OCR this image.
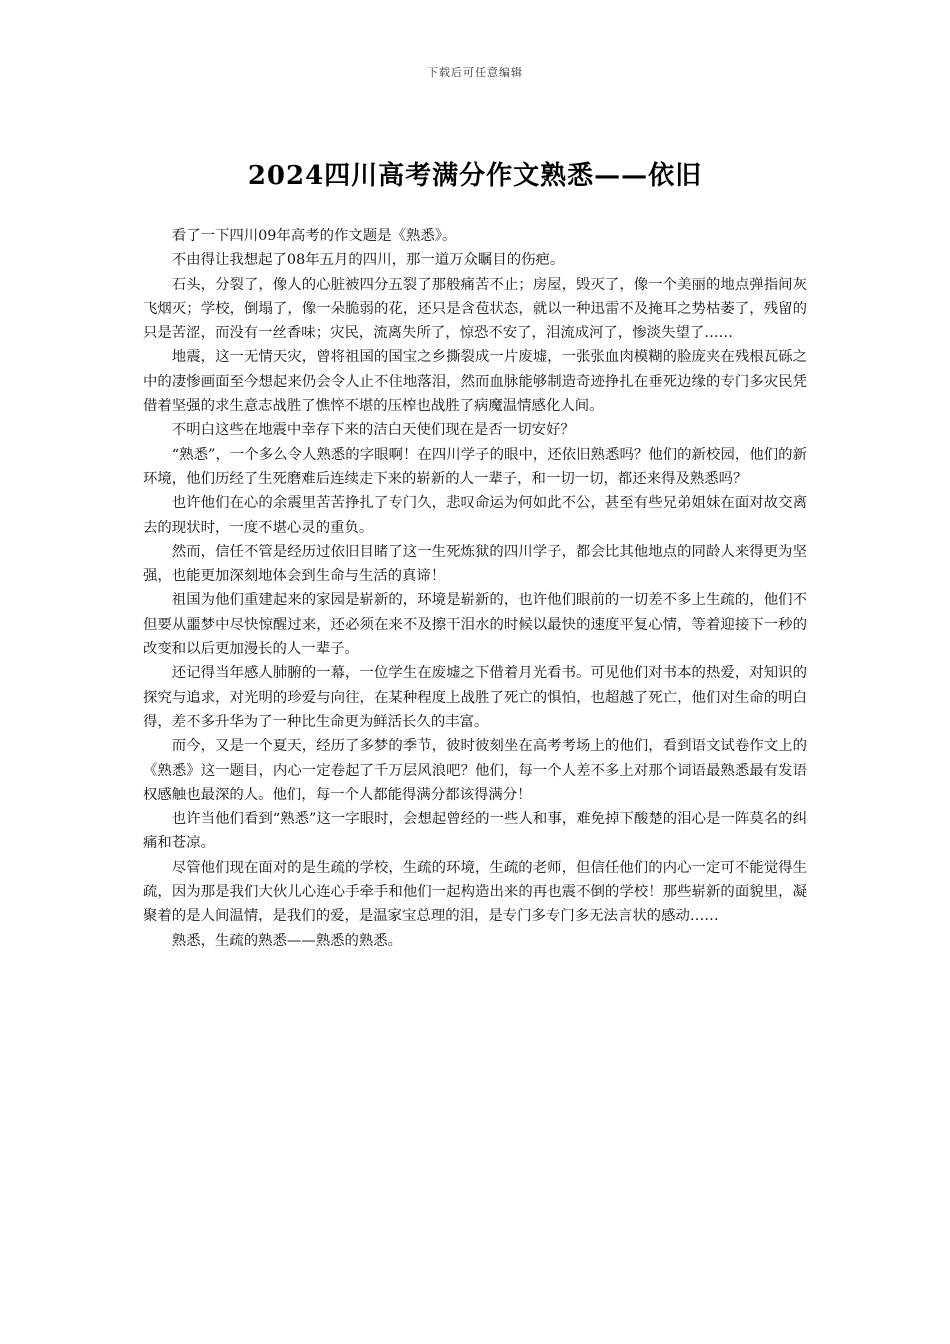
下载后可任意编辑
2024四川高考满分作文熟悉——依旧

看了一下四川09年高考的作文题是《熟悉》。

不由得让我想起了08年五月的四川，那一道万众瞩目的伤疤。

石头，分裂了，像人的心脏被四分五裂了那般痛苦不止；房屋，毁灭了，像一个美丽的地点弹指间灰飞烟灭；学校，倒塌了，像一朵脆弱的花，还只是含苞状态，就以一种迅雷不及掩耳之势枯萎了，残留的只是苦涩，而没有一丝香味；灾民，流离失所了，惊恐不安了，泪流成河了，惨淡失望了……

地震，这一无情天灾，曾将祖国的国宝之乡撕裂成一片废墟，一张张血肉模糊的脸庞夹在残根瓦砾之中的凄惨画面至今想起来仍会令人止不住地落泪，然而血脉能够制造奇迹挣扎在垂死边缘的专门多灾民凭借着坚强的求生意志战胜了憔悴不堪的压榨也战胜了病魔温情感化人间。

不明白这些在地震中幸存下来的洁白天使们现在是否一切安好？

“熟悉”，一个多么令人熟悉的字眼啊！在四川学子的眼中，还依旧熟悉吗？他们的新校园，他们的新环境，他们历经了生死磨难后连续走下来的崭新的人一辈子，和一切一切，都还来得及熟悉吗？

也许他们在心的余震里苦苦挣扎了专门久，悲叹命运为何如此不公，甚至有些兄弟姐妹在面对故交离去的现状时，一度不堪心灵的重负。

然而，信任不管是经历过依旧目睹了这一生死炼狱的四川学子，都会比其他地点的同龄人来得更为坚强，也能更加深刻地体会到生命与生活的真谛！

祖国为他们重建起来的家园是崭新的，环境是崭新的，也许他们眼前的一切差不多上生疏的，他们不但要从噩梦中尽快惊醒过来，还必须在来不及擦干泪水的时候以最快的速度平复心情，等着迎接下一秒的改变和以后更加漫长的人一辈子。

还记得当年感人肺腑的一幕，一位学生在废墟之下借着月光看书。可见他们对书本的热爱，对知识的探究与追求，对光明的珍爱与向往，在某种程度上战胜了死亡的惧怕，也超越了死亡，他们对生命的明白得，差不多升华为了一种比生命更为鲜活长久的丰富。

而今，又是一个夏天，经历了多梦的季节，彼时彼刻坐在高考考场上的他们，看到语文试卷作文上的《熟悉》这一题目，内心一定卷起了千万层风浪吧？他们，每一个人差不多上对那个词语最熟悉最有发语权感触也最深的人。他们，每一个人都能得满分都该得满分！

也许当他们看到“熟悉”这一字眼时，会想起曾经的一些人和事，难免掉下酸楚的泪心是一阵莫名的纠痛和苍凉。

尽管他们现在面对的是生疏的学校，生疏的环境，生疏的老师，但信任他们的内心一定可不能觉得生疏，因为那是我们大伙儿心连心手牵手和他们一起构造出来的再也震不倒的学校！那些崭新的面貌里，凝聚着的是人间温情，是我们的爱，是温家宝总理的泪，是专门多专门多无法言状的感动……

熟悉，生疏的熟悉——熟悉的熟悉。
